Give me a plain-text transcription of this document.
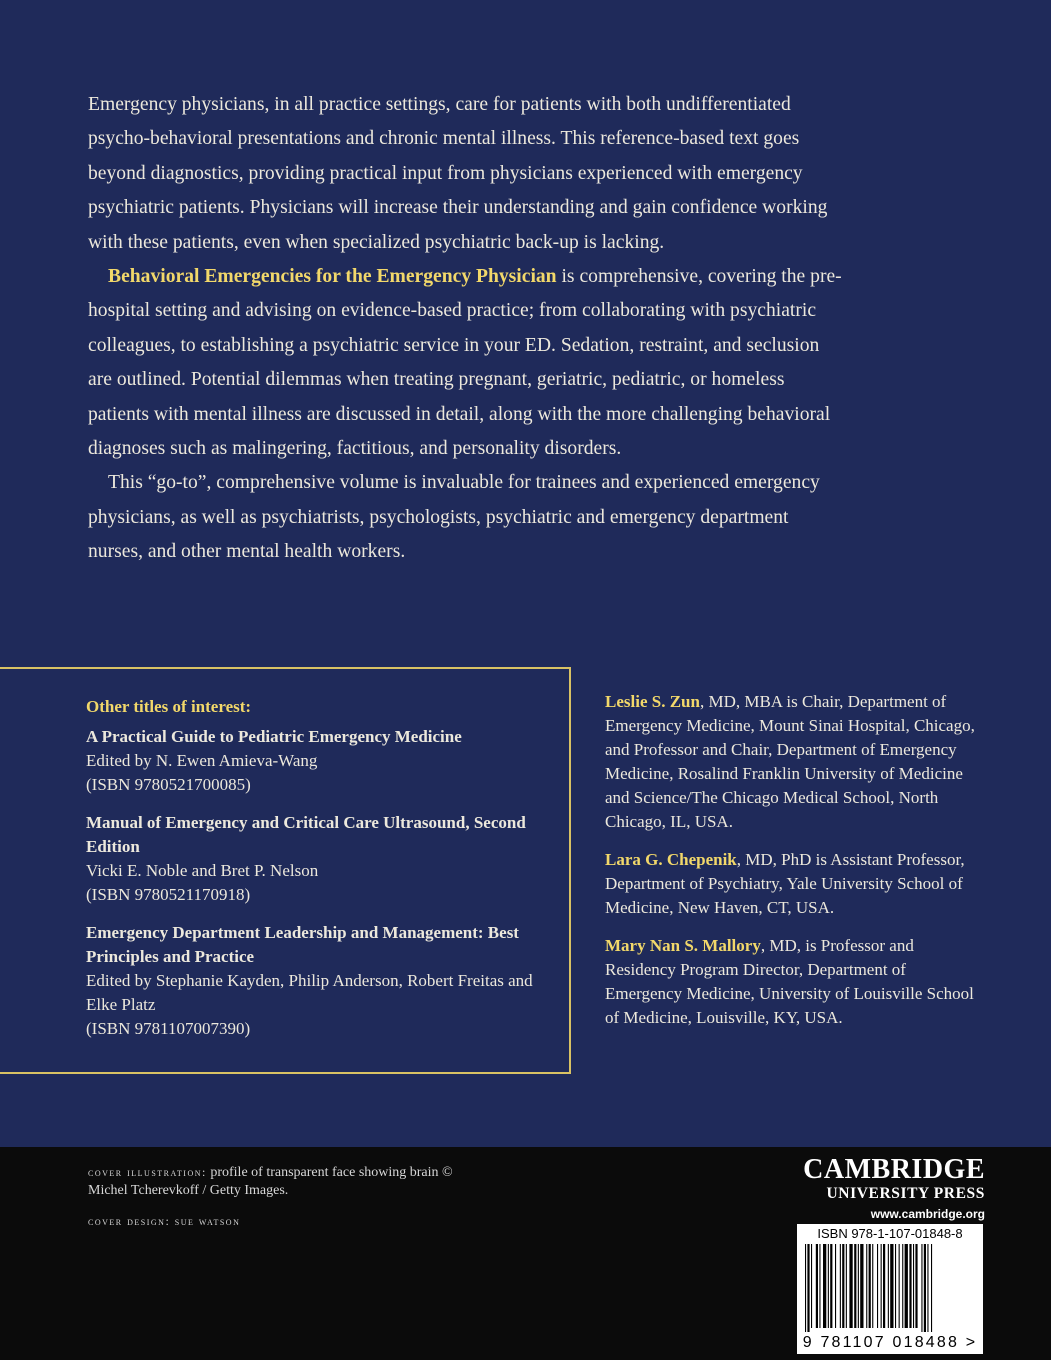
Emergency physicians, in all practice settings, care for patients with both undifferentiated psycho-behavioral presentations and chronic mental illness. This reference-based text goes beyond diagnostics, providing practical input from physicians experienced with emergency psychiatric patients. Physicians will increase their understanding and gain confidence working with these patients, even when specialized psychiatric back-up is lacking.

Behavioral Emergencies for the Emergency Physician is comprehensive, covering the pre-hospital setting and advising on evidence-based practice; from collaborating with psychiatric colleagues, to establishing a psychiatric service in your ED. Sedation, restraint, and seclusion are outlined. Potential dilemmas when treating pregnant, geriatric, pediatric, or homeless patients with mental illness are discussed in detail, along with the more challenging behavioral diagnoses such as malingering, factitious, and personality disorders.

This “go-to”, comprehensive volume is invaluable for trainees and experienced emergency physicians, as well as psychiatrists, psychologists, psychiatric and emergency department nurses, and other mental health workers.

Other titles of interest:
A Practical Guide to Pediatric Emergency Medicine
Edited by N. Ewen Amieva-Wang
(ISBN 9780521700085)
Manual of Emergency and Critical Care Ultrasound, Second Edition
Vicki E. Noble and Bret P. Nelson
(ISBN 9780521170918)
Emergency Department Leadership and Management: Best Principles and Practice
Edited by Stephanie Kayden, Philip Anderson, Robert Freitas and Elke Platz
(ISBN 9781107007390)
Leslie S. Zun, MD, MBA is Chair, Department of Emergency Medicine, Mount Sinai Hospital, Chicago, and Professor and Chair, Department of Emergency Medicine, Rosalind Franklin University of Medicine and Science/The Chicago Medical School, North Chicago, IL, USA.
Lara G. Chepenik, MD, PhD is Assistant Professor, Department of Psychiatry, Yale University School of Medicine, New Haven, CT, USA.
Mary Nan S. Mallory, MD, is Professor and Residency Program Director, Department of Emergency Medicine, University of Louisville School of Medicine, Louisville, KY, USA.
cover illustration: profile of transparent face showing brain © Michel Tcherevkoff / Getty Images.
cover design: sue watson
CAMBRIDGE
UNIVERSITY PRESS
www.cambridge.org
ISBN 978-1-107-01848-8
9 781107 018488 >
